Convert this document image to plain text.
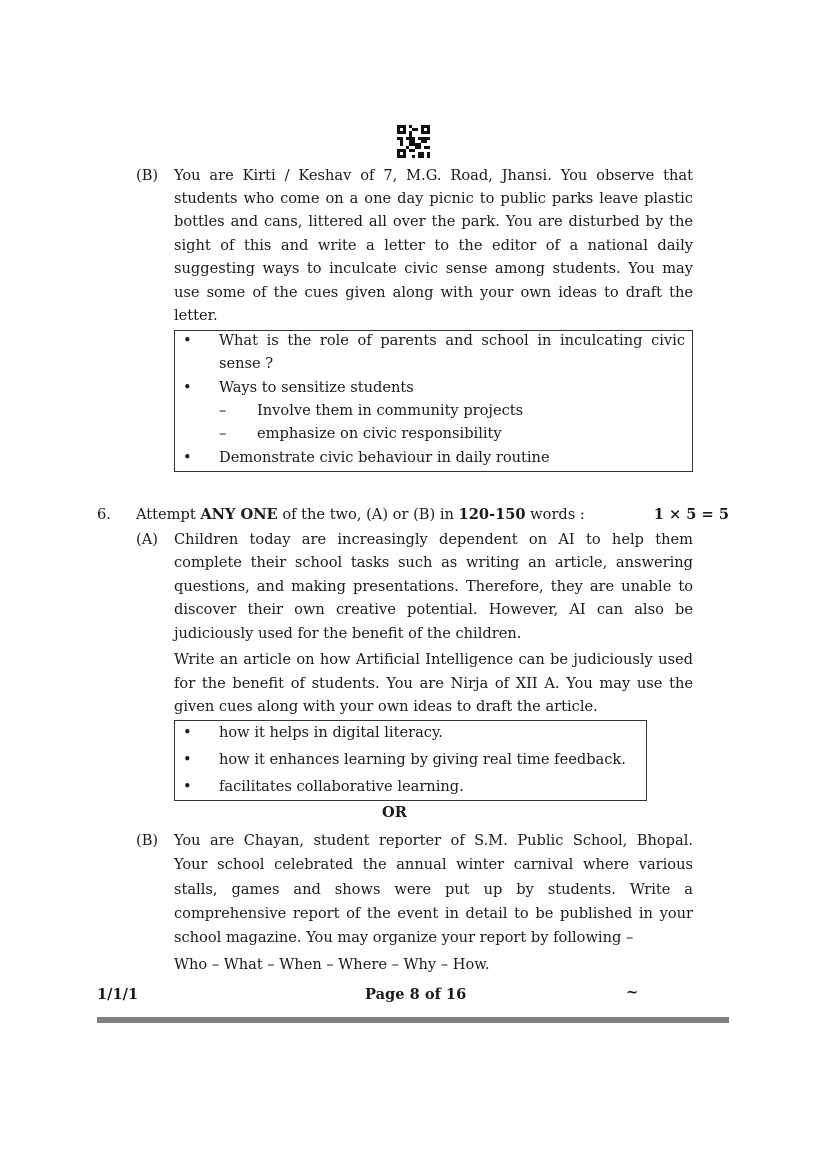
(B) You are Kirti / Keshav of 7, M.G. Road, Jhansi. You observe that
students who come on a one day picnic to public parks leave plastic
bottles and cans, littered all over the park. You are disturbed by the
sight of this and write a letter to the editor of a national daily
suggesting ways to inculcate civic sense among students. You may
use some of the cues given along with your own ideas to draft the
letter.
• What is the role of parents and school in inculcating civic
sense ?
• Ways to sensitize students
– Involve them in community projects
– emphasize on civic responsibility
• Demonstrate civic behaviour in daily routine
(A) Children today are increasingly dependent on AI to help them
complete their school tasks such as writing an article, answering
questions, and making presentations. Therefore, they are unable to
discover their own creative potential. However, AI can also be
judiciously used for the benefit of the children.
Write an article on how Artificial Intelligence can be judiciously used
for the benefit of students. You are Nirja of XII A. You may use the
given cues along with your own ideas to draft the article.
• how it helps in digital literacy.
• how it enhances learning by giving real time feedback.
• facilitates collaborative learning.
(B) You are Chayan, student reporter of S.M. Public School, Bhopal.
Your school celebrated the annual winter carnival where various
stalls, games and shows were put up by students. Write a
comprehensive report of the event in detail to be published in your
school magazine. You may organize your report by following –
Who – What – When – Where – Why – How.
6. Attempt ANY ONE of the two, (A) or (B) in 120-150 words :	1 × 5 = 5
OR
1/1/1	Page 8 of 16	~
